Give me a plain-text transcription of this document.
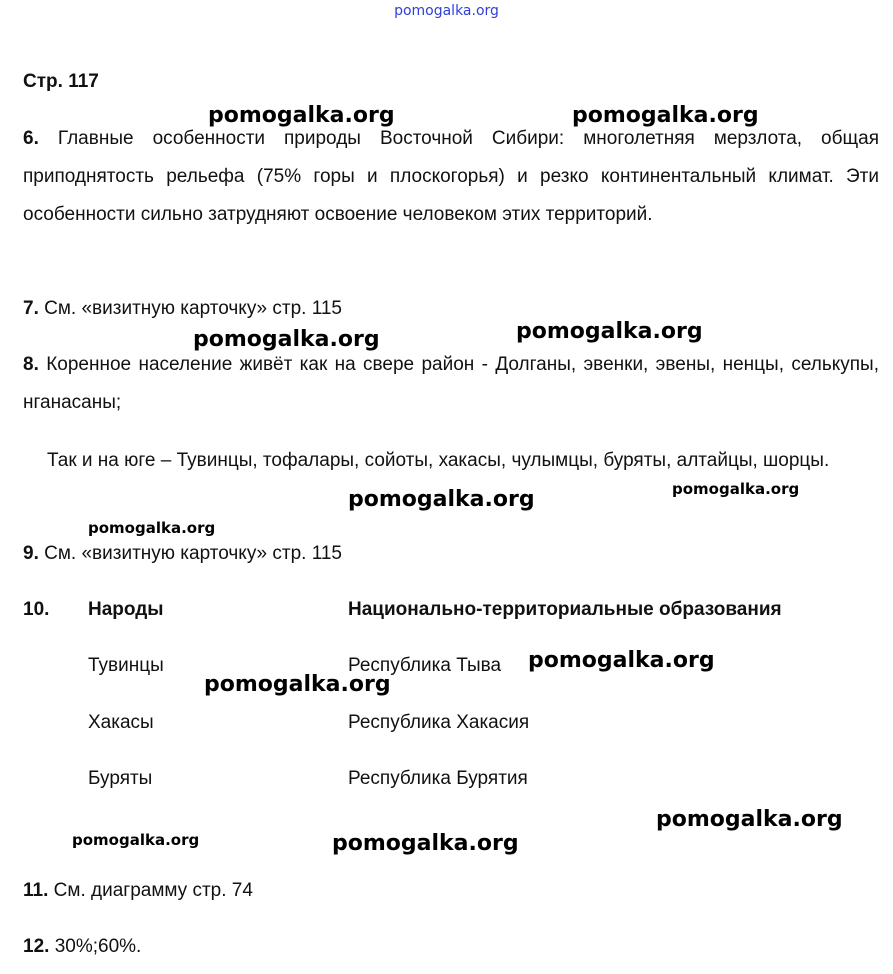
pomogalka.org
Стр. 117
6. Главные особенности природы Восточной Сибири: многолетняя мерзлота, общая приподнятость рельефа (75% горы и плоскогорья) и резко континентальный климат. Эти особенности сильно затрудняют освоение человеком этих территорий.
7. См. «визитную карточку» стр. 115
8. Коренное население живёт как на свере район - Долганы, эвенки, эвены, ненцы, селькупы, нганасаны;
Так и на юге – Тувинцы, тофалары, сойоты, хакасы, чулымцы, буряты, алтайцы, шорцы.
9. См. «визитную карточку» стр. 115
10. Народы	Национально-территориальные образования
Тувинцы	Республика Тыва
Хакасы	Республика Хакасия
Буряты	Республика Бурятия
11. См. диаграмму стр. 74
12. 30%;60%.
pomogalka.org	pomogalka.org
pomogalka.org	pomogalka.org
pomogalka.org	pomogalka.org
pomogalka.org
pomogalka.org
pomogalka.org
pomogalka.org
pomogalka.org	pomogalka.org
